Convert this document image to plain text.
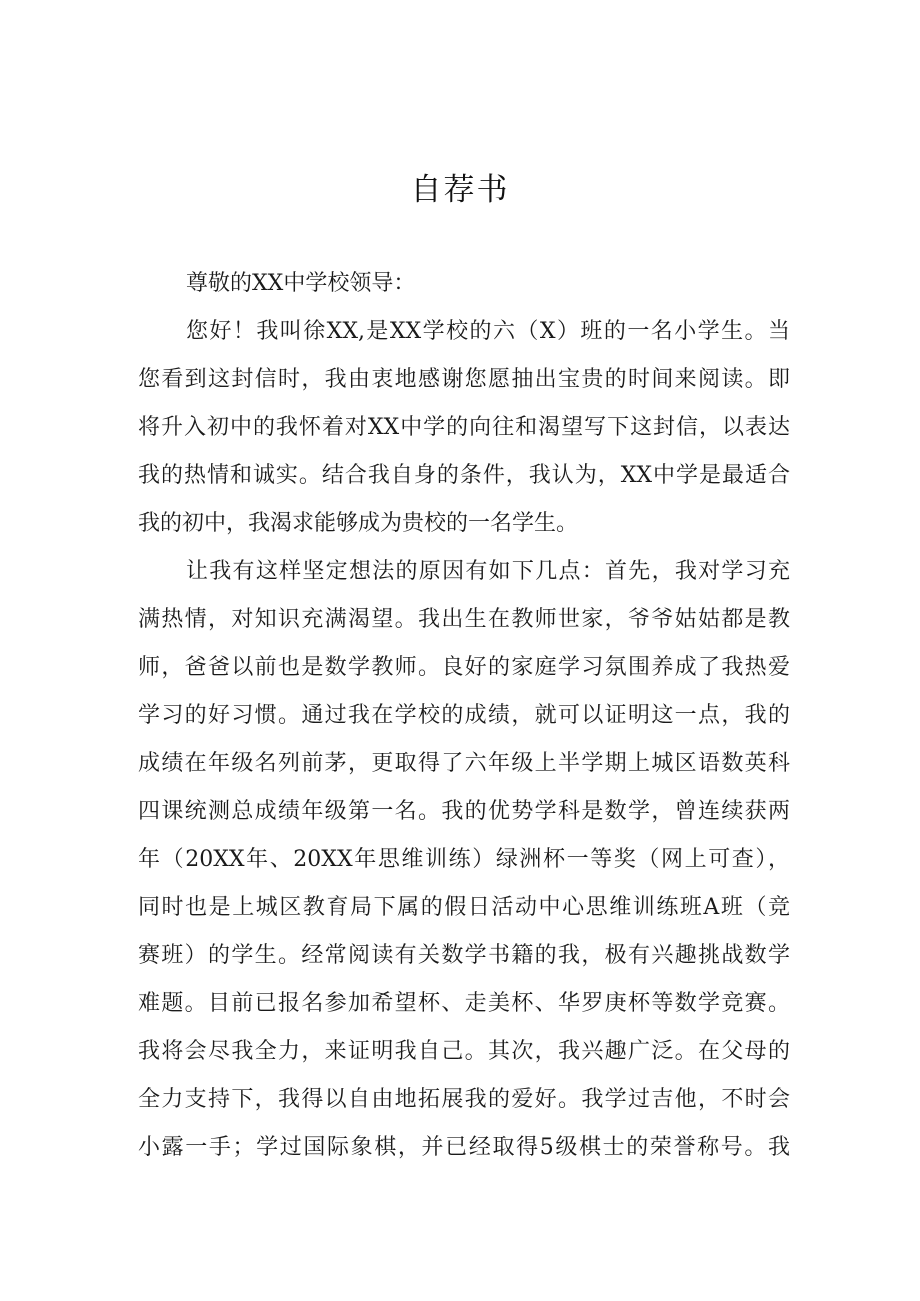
自荐书
尊敬的XX中学校领导：
您好！我叫徐XX,是XX学校的六（X）班的一名小学生。当
您看到这封信时，我由衷地感谢您愿抽出宝贵的时间来阅读。即
将升入初中的我怀着对XX中学的向往和渴望写下这封信，以表达
我的热情和诚实。结合我自身的条件，我认为，XX中学是最适合
我的初中，我渴求能够成为贵校的一名学生。
让我有这样坚定想法的原因有如下几点：首先，我对学习充
满热情，对知识充满渴望。我出生在教师世家，爷爷姑姑都是教
师，爸爸以前也是数学教师。良好的家庭学习氛围养成了我热爱
学习的好习惯。通过我在学校的成绩，就可以证明这一点，我的
成绩在年级名列前茅，更取得了六年级上半学期上城区语数英科
四课统测总成绩年级第一名。我的优势学科是数学，曾连续获两
年（20XX年、20XX年思维训练）绿洲杯一等奖（网上可查），
同时也是上城区教育局下属的假日活动中心思维训练班A班（竞
赛班）的学生。经常阅读有关数学书籍的我，极有兴趣挑战数学
难题。目前已报名参加希望杯、走美杯、华罗庚杯等数学竞赛。
我将会尽我全力，来证明我自己。其次，我兴趣广泛。在父母的
全力支持下，我得以自由地拓展我的爱好。我学过吉他，不时会
小露一手；学过国际象棋，并已经取得5级棋士的荣誉称号。我
